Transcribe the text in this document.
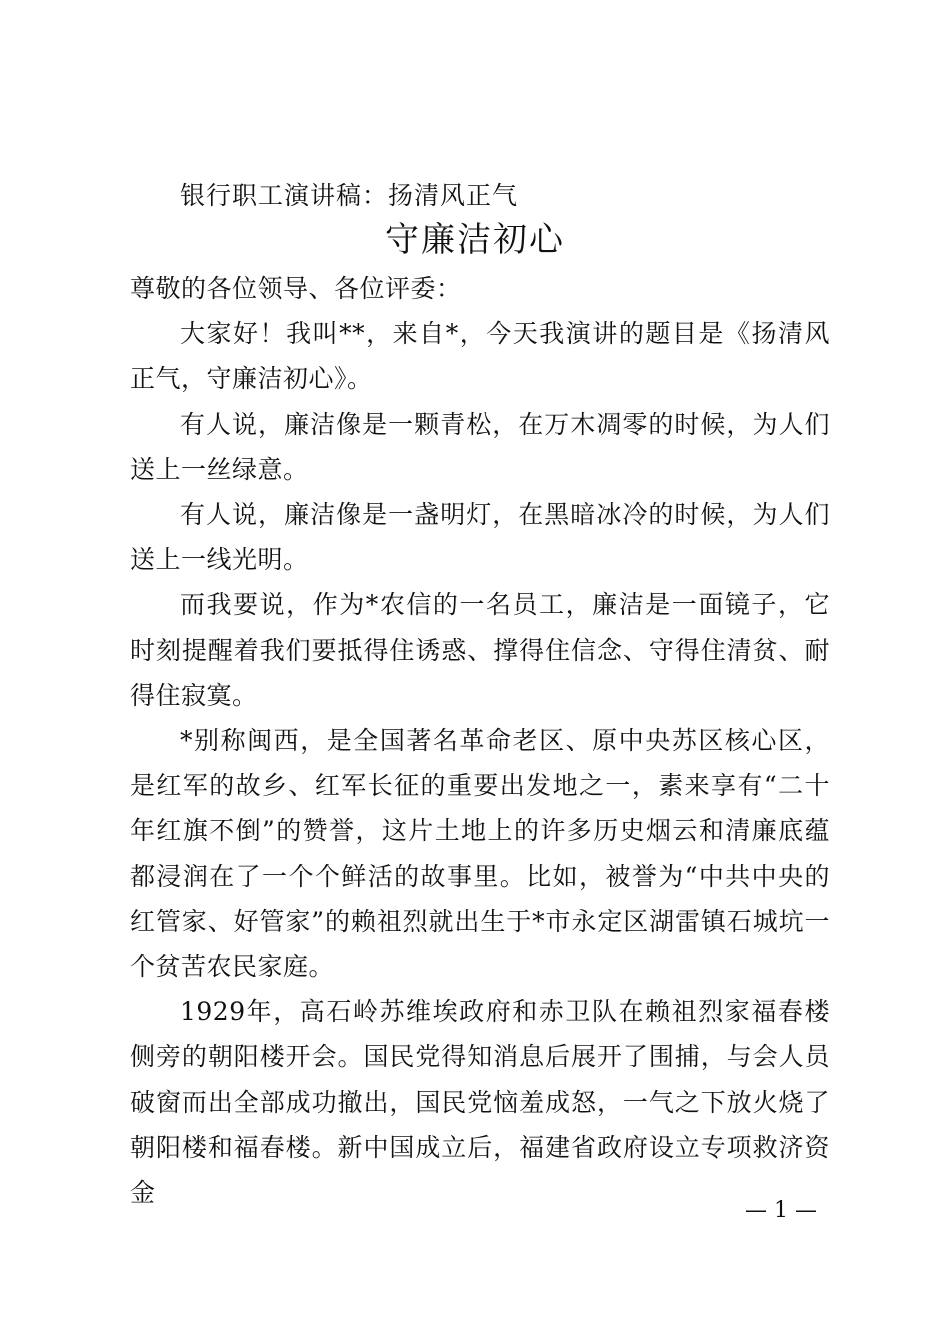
银行职工演讲稿：扬清风正气
守廉洁初心

尊敬的各位领导、各位评委：

大家好！我叫**，来自*，今天我演讲的题目是《扬清风正气，守廉洁初心》。

有人说，廉洁像是一颗青松，在万木凋零的时候，为人们送上一丝绿意。

有人说，廉洁像是一盏明灯，在黑暗冰冷的时候，为人们送上一线光明。

而我要说，作为*农信的一名员工，廉洁是一面镜子，它时刻提醒着我们要抵得住诱惑、撑得住信念、守得住清贫、耐得住寂寞。

*别称闽西，是全国著名革命老区、原中央苏区核心区，是红军的故乡、红军长征的重要出发地之一，素来享有“二十年红旗不倒”的赞誉，这片土地上的许多历史烟云和清廉底蕴都浸润在了一个个鲜活的故事里。比如，被誉为“中共中央的红管家、好管家”的赖祖烈就出生于*市永定区湖雷镇石城坑一个贫苦农民家庭。

1929年，高石岭苏维埃政府和赤卫队在赖祖烈家福春楼侧旁的朝阳楼开会。国民党得知消息后展开了围捕，与会人员破窗而出全部成功撤出，国民党恼羞成怒，一气之下放火烧了朝阳楼和福春楼。新中国成立后，福建省政府设立专项救济资金

— 1 —
